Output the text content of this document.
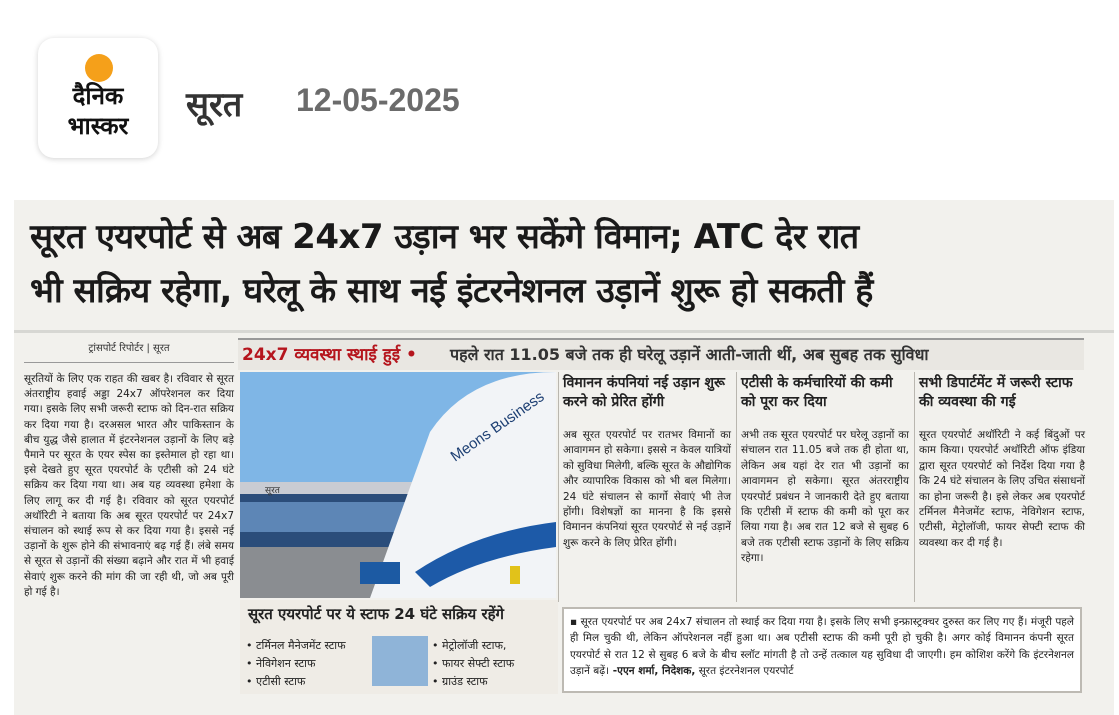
दैनिक
भास्कर
सूरत 12-05-2025
सूरत एयरपोर्ट से अब 24x7 उड़ान भर सकेंगे विमान; ATC देर रात
भी सक्रिय रहेगा, घरेलू के साथ नई इंटरनेशनल उड़ानें शुरू हो सकती हैं
ट्रांसपोर्ट रिपोर्टर | सूरत
सूरतियों के लिए एक राहत की खबर है। रविवार से सूरत अंतराष्ट्रीय हवाई अड्डा 24x7 ऑपरेशनल कर दिया गया। इसके लिए सभी जरूरी स्टाफ को दिन-रात सक्रिय कर दिया गया है। दरअसल भारत और पाकिस्तान के बीच युद्ध जैसे हालात में इंटरनेशनल उड़ानों के लिए बड़े पैमाने पर सूरत के एयर स्पेस का इस्तेमाल हो रहा था। इसे देखते हुए सूरत एयरपोर्ट के एटीसी को 24 घंटे सक्रिय कर दिया गया था। अब यह व्यवस्था हमेशा के लिए लागू कर दी गई है। रविवार को सूरत एयरपोर्ट अथॉरिटी ने बताया कि अब सूरत एयरपोर्ट पर 24x7 संचालन को स्थाई रूप से कर दिया गया है। इससे नई उड़ानों के शुरू होने की संभावनाएं बढ़ गई हैं। लंबे समय से सूरत से उड़ानों की संख्या बढ़ाने और रात में भी हवाई सेवाएं शुरू करने की मांग की जा रही थी, जो अब पूरी हो गई है।
24x7 व्यवस्था स्थाई हुई • पहले रात 11.05 बजे तक ही घरेलू उड़ानें आती-जाती थीं, अब सुबह तक सुविधा
Meons Business
सूरत
विमानन कंपनियां नई उड़ान शुरू करने को प्रेरित होंगी
अब सूरत एयरपोर्ट पर रातभर विमानों का आवागमन हो सकेगा। इससे न केवल यात्रियों को सुविधा मिलेगी, बल्कि सूरत के औद्योगिक और व्यापारिक विकास को भी बल मिलेगा। 24 घंटे संचालन से कार्गो सेवाएं भी तेज होंगी। विशेषज्ञों का मानना है कि इससे विमानन कंपनियां सूरत एयरपोर्ट से नई उड़ानें शुरू करने के लिए प्रेरित होंगी।
एटीसी के कर्मचारियों की कमी को पूरा कर दिया
अभी तक सूरत एयरपोर्ट पर घरेलू उड़ानों का संचालन रात 11.05 बजे तक ही होता था, लेकिन अब यहां देर रात भी उड़ानों का आवागमन हो सकेगा। सूरत अंतरराष्ट्रीय एयरपोर्ट प्रबंधन ने जानकारी देते हुए बताया कि एटीसी में स्टाफ की कमी को पूरा कर लिया गया है। अब रात 12 बजे से सुबह 6 बजे तक एटीसी स्टाफ उड़ानों के लिए सक्रिय रहेगा।
सभी डिपार्टमेंट में जरूरी स्टाफ की व्यवस्था की गई
सूरत एयरपोर्ट अथॉरिटी ने कई बिंदुओं पर काम किया। एयरपोर्ट अथॉरिटी ऑफ इंडिया द्वारा सूरत एयरपोर्ट को निर्देश दिया गया है कि 24 घंटे संचालन के लिए उचित संसाधनों का होना जरूरी है। इसे लेकर अब एयरपोर्ट टर्मिनल मैनेजमेंट स्टाफ, नेविगेशन स्टाफ, एटीसी, मेट्रोलॉजी, फायर सेफ्टी स्टाफ की व्यवस्था कर दी गई है।
सूरत एयरपोर्ट पर ये स्टाफ 24 घंटे सक्रिय रहेंगे
• टर्मिनल मैनेजमेंट स्टाफ
• नेविगेशन स्टाफ
• एटीसी स्टाफ
• मेट्रोलॉजी स्टाफ,
• फायर सेफ्टी स्टाफ
• ग्राउंड स्टाफ
▪ सूरत एयरपोर्ट पर अब 24x7 संचालन तो स्थाई कर दिया गया है। इसके लिए सभी इन्फ्रास्ट्रक्चर दुरुस्त कर लिए गए हैं। मंजूरी पहले ही मिल चुकी थी, लेकिन ऑपरेशनल नहीं हुआ था। अब एटीसी स्टाफ की कमी पूरी हो चुकी है। अगर कोई विमानन कंपनी सूरत एयरपोर्ट से रात 12 से सुबह 6 बजे के बीच स्लॉट मांगती है तो उन्हें तत्काल यह सुविधा दी जाएगी। हम कोशिश करेंगे कि इंटरनेशनल उड़ानें बढ़ें। -एएन शर्मा, निदेशक, सूरत इंटरनेशनल एयरपोर्ट
